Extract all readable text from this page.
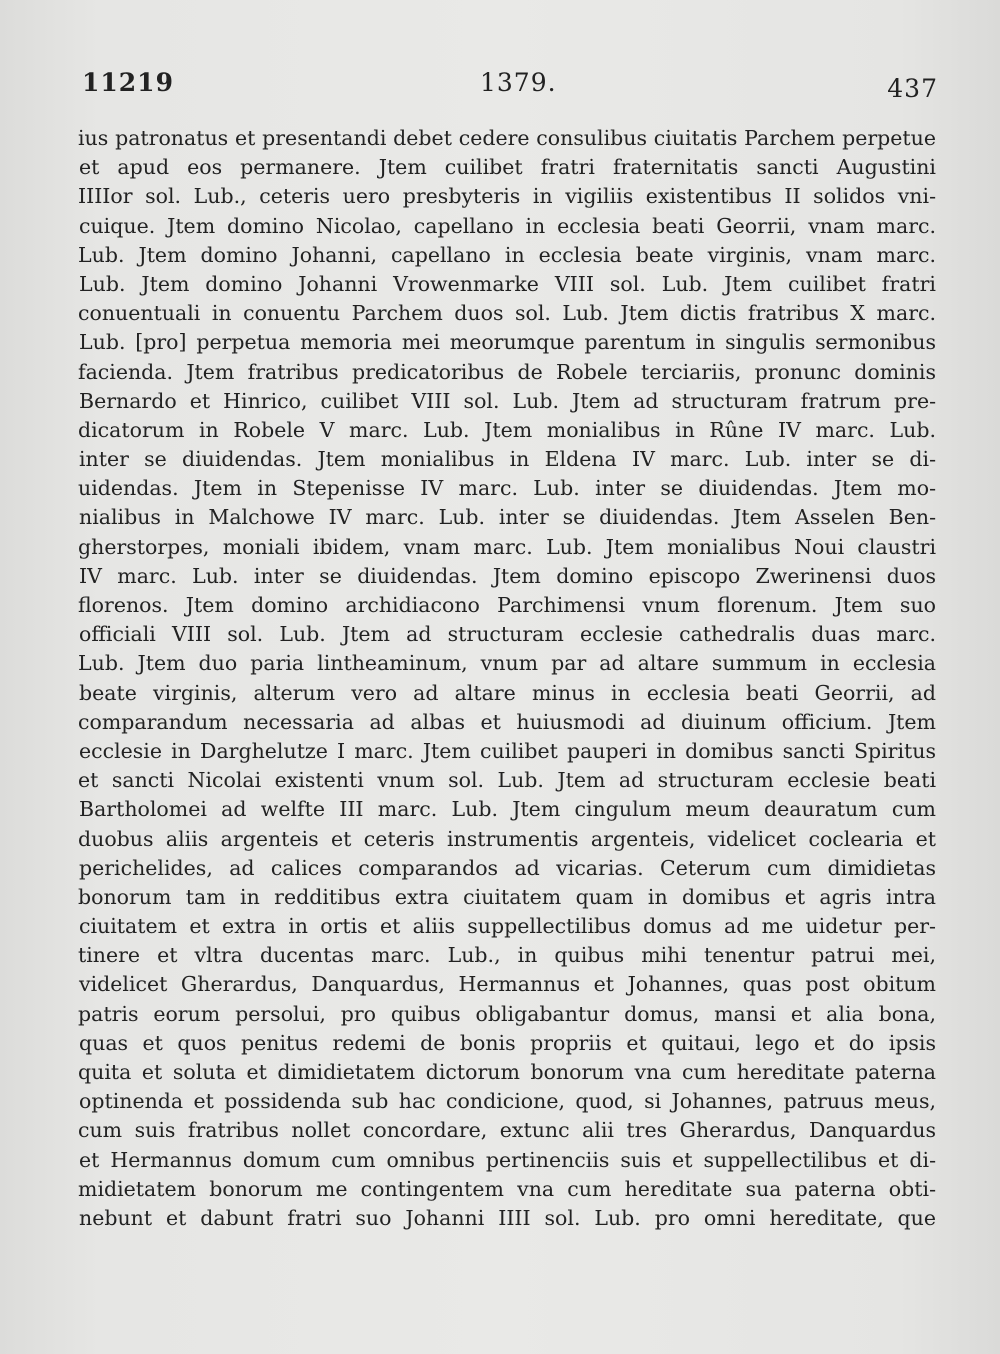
11219	1379.	437
ius patronatus et presentandi debet cedere consulibus ciuitatis Parchem perpetue
et apud eos permanere. Jtem cuilibet fratri fraternitatis sancti Augustini
IIIIor sol. Lub., ceteris uero presbyteris in vigiliis existentibus II solidos vni-
cuique. Jtem domino Nicolao, capellano in ecclesia beati Georrii, vnam marc.
Lub. Jtem domino Johanni, capellano in ecclesia beate virginis, vnam marc.
Lub. Jtem domino Johanni Vrowenmarke VIII sol. Lub. Jtem cuilibet fratri
conuentuali in conuentu Parchem duos sol. Lub. Jtem dictis fratribus X marc.
Lub. [pro] perpetua memoria mei meorumque parentum in singulis sermonibus
facienda. Jtem fratribus predicatoribus de Robele terciariis, pronunc dominis
Bernardo et Hinrico, cuilibet VIII sol. Lub. Jtem ad structuram fratrum pre-
dicatorum in Robele V marc. Lub. Jtem monialibus in Rûne IV marc. Lub.
inter se diuidendas. Jtem monialibus in Eldena IV marc. Lub. inter se di-
uidendas. Jtem in Stepenisse IV marc. Lub. inter se diuidendas. Jtem mo-
nialibus in Malchowe IV marc. Lub. inter se diuidendas. Jtem Asselen Ben-
gherstorpes, moniali ibidem, vnam marc. Lub. Jtem monialibus Noui claustri
IV marc. Lub. inter se diuidendas. Jtem domino episcopo Zwerinensi duos
florenos. Jtem domino archidiacono Parchimensi vnum florenum. Jtem suo
officiali VIII sol. Lub. Jtem ad structuram ecclesie cathedralis duas marc.
Lub. Jtem duo paria lintheaminum, vnum par ad altare summum in ecclesia
beate virginis, alterum vero ad altare minus in ecclesia beati Georrii, ad
comparandum necessaria ad albas et huiusmodi ad diuinum officium. Jtem
ecclesie in Darghelutze I marc. Jtem cuilibet pauperi in domibus sancti Spiritus
et sancti Nicolai existenti vnum sol. Lub. Jtem ad structuram ecclesie beati
Bartholomei ad welfte III marc. Lub. Jtem cingulum meum deauratum cum
duobus aliis argenteis et ceteris instrumentis argenteis, videlicet coclearia et
perichelides, ad calices comparandos ad vicarias. Ceterum cum dimidietas
bonorum tam in redditibus extra ciuitatem quam in domibus et agris intra
ciuitatem et extra in ortis et aliis suppellectilibus domus ad me uidetur per-
tinere et vltra ducentas marc. Lub., in quibus mihi tenentur patrui mei,
videlicet Gherardus, Danquardus, Hermannus et Johannes, quas post obitum
patris eorum persolui, pro quibus obligabantur domus, mansi et alia bona,
quas et quos penitus redemi de bonis propriis et quitaui, lego et do ipsis
quita et soluta et dimidietatem dictorum bonorum vna cum hereditate paterna
optinenda et possidenda sub hac condicione, quod, si Johannes, patruus meus,
cum suis fratribus nollet concordare, extunc alii tres Gherardus, Danquardus
et Hermannus domum cum omnibus pertinenciis suis et suppellectilibus et di-
midietatem bonorum me contingentem vna cum hereditate sua paterna obti-
nebunt et dabunt fratri suo Johanni IIII sol. Lub. pro omni hereditate, que
